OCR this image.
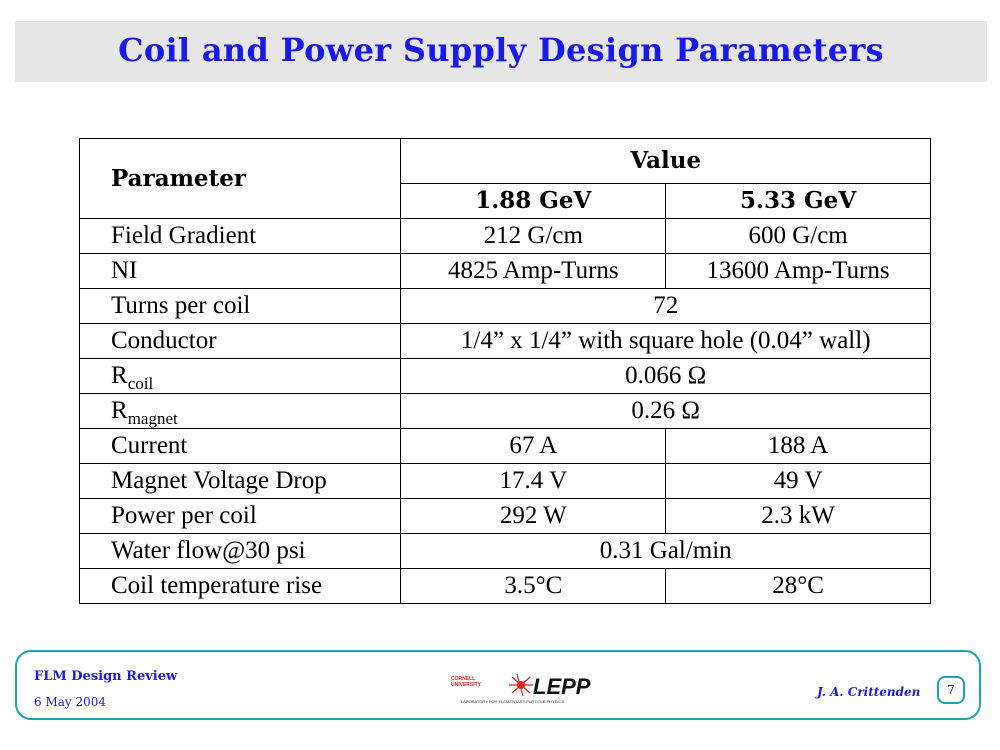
Coil and Power Supply Design Parameters
Parameter	Value	
	1.88 GeV	5.33 GeV
Field Gradient	212 G/cm	600 G/cm
NI	4825 Amp-Turns	13600 Amp-Turns
Turns per coil	72	
Conductor	1/4” x 1/4” with square hole (0.04” wall)	
$R_{coil}$	0.066 Ω	
$R_{magnet}$	0.26 Ω	
Current	67 A	188 A
Magnet Voltage Drop	17.4 V	49 V
Power per coil	292 W	2.3 kW
Water flow@30 psi	0.31 Gal/min	
Coil temperature rise	3.5°C	28°C
FLM Design Review
6 May 2004
CORNELL
UNIVERSITY LEPP
LABORATORY FOR ELEMENTARY-PARTICLE PHYSICS
J. A. Crittenden	7
